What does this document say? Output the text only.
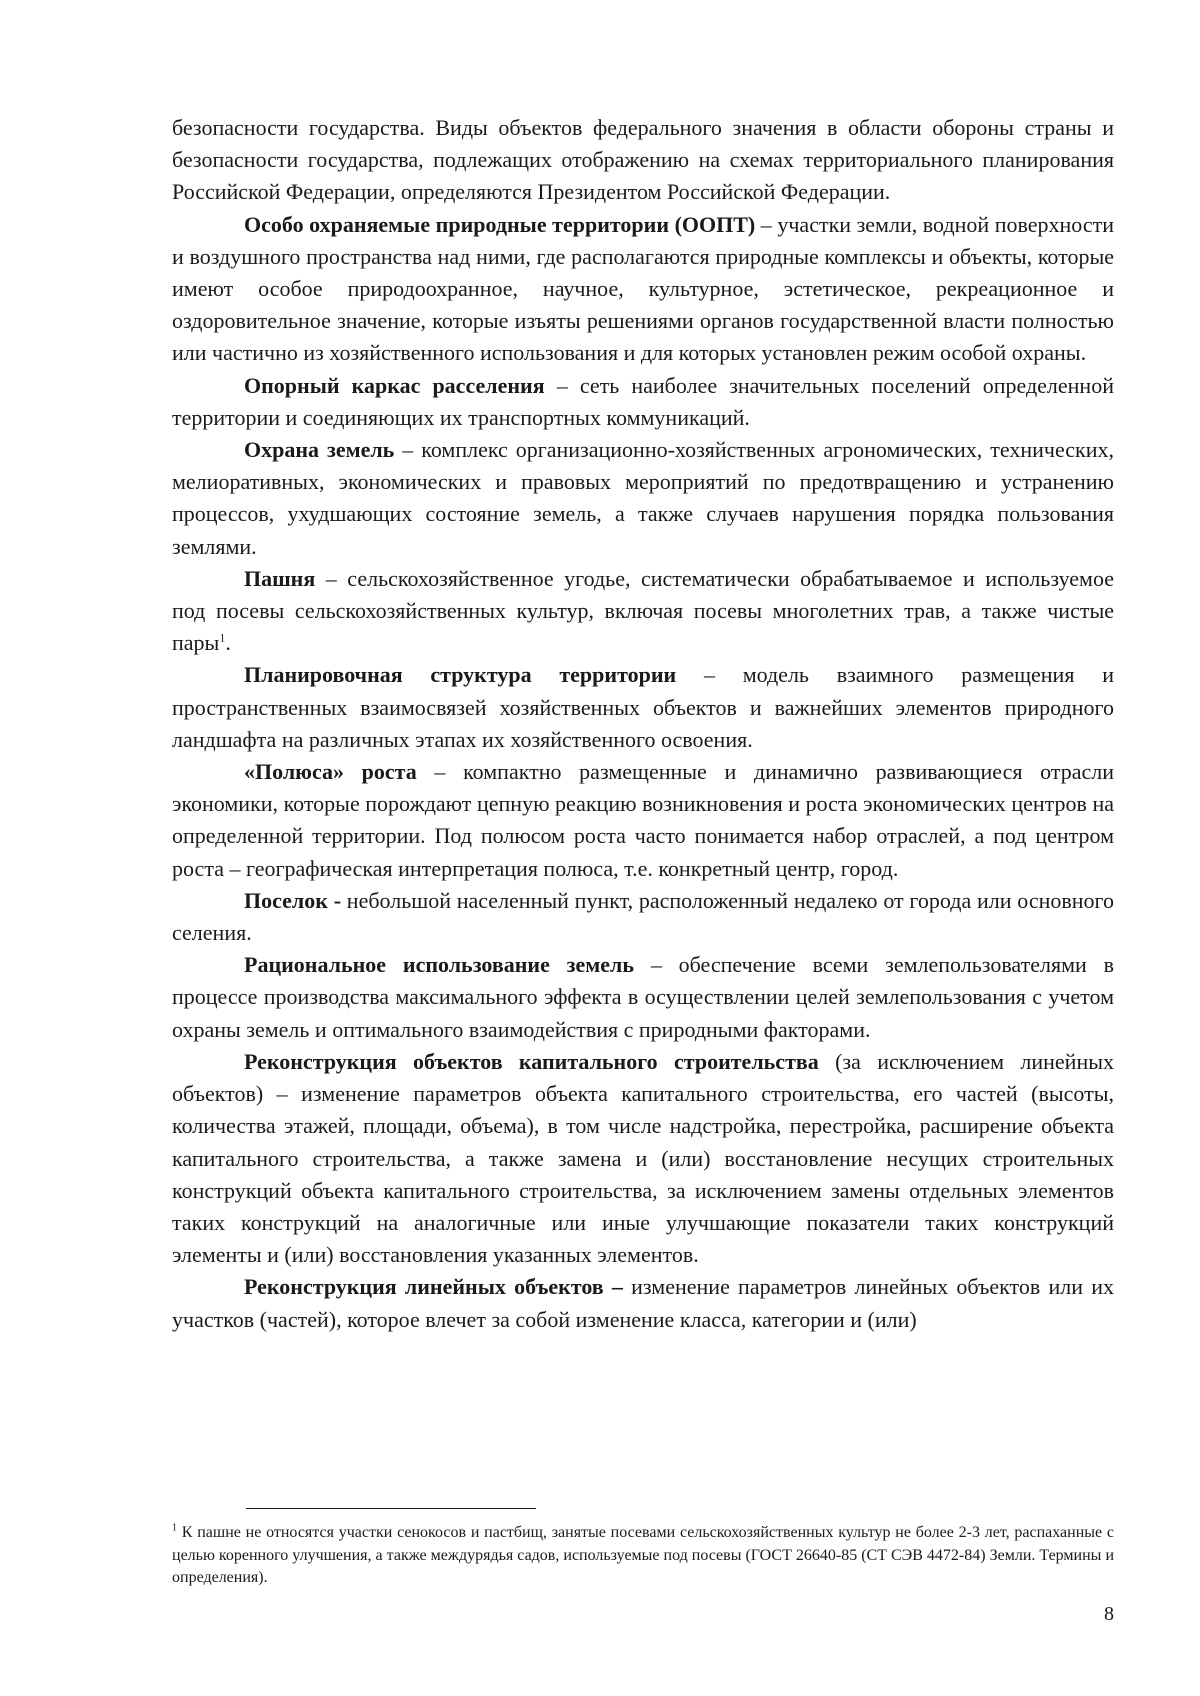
безопасности государства. Виды объектов федерального значения в области обороны страны и безопасности государства, подлежащих отображению на схемах территориального планирования Российской Федерации, определяются Президентом Российской Федерации.

Особо охраняемые природные территории (ООПТ) – участки земли, водной поверхности и воздушного пространства над ними, где располагаются природные комплексы и объекты, которые имеют особое природоохранное, научное, культурное, эстетическое, рекреационное и оздоровительное значение, которые изъяты решениями органов государственной власти полностью или частично из хозяйственного использования и для которых установлен режим особой охраны.

Опорный каркас расселения – сеть наиболее значительных поселений определенной территории и соединяющих их транспортных коммуникаций.

Охрана земель – комплекс организационно-хозяйственных агрономических, технических, мелиоративных, экономических и правовых мероприятий по предотвращению и устранению процессов, ухудшающих состояние земель, а также случаев нарушения порядка пользования землями.

Пашня – сельскохозяйственное угодье, систематически обрабатываемое и используемое под посевы сельскохозяйственных культур, включая посевы многолетних трав, а также чистые пары$^1$.

Планировочная структура территории – модель взаимного размещения и пространственных взаимосвязей хозяйственных объектов и важнейших элементов природного ландшафта на различных этапах их хозяйственного освоения.

«Полюса» роста – компактно размещенные и динамично развивающиеся отрасли экономики, которые порождают цепную реакцию возникновения и роста экономических центров на определенной территории. Под полюсом роста часто понимается набор отраслей, а под центром роста – географическая интерпретация полюса, т.е. конкретный центр, город.

Поселок - небольшой населенный пункт, расположенный недалеко от города или основного селения.

Рациональное использование земель – обеспечение всеми землепользователями в процессе производства максимального эффекта в осуществлении целей землепользования с учетом охраны земель и оптимального взаимодействия с природными факторами.

Реконструкция объектов капитального строительства (за исключением линейных объектов) – изменение параметров объекта капитального строительства, его частей (высоты, количества этажей, площади, объема), в том числе надстройка, перестройка, расширение объекта капитального строительства, а также замена и (или) восстановление несущих строительных конструкций объекта капитального строительства, за исключением замены отдельных элементов таких конструкций на аналогичные или иные улучшающие показатели таких конструкций элементы и (или) восстановления указанных элементов.

Реконструкция линейных объектов – изменение параметров линейных объектов или их участков (частей), которое влечет за собой изменение класса, категории и (или)

$^1$ К пашне не относятся участки сенокосов и пастбищ, занятые посевами сельскохозяйственных культур не более 2-3 лет, распаханные с целью коренного улучшения, а также междурядья садов, используемые под посевы (ГОСТ 26640-85 (СТ СЭВ 4472-84) Земли. Термины и определения).

8
